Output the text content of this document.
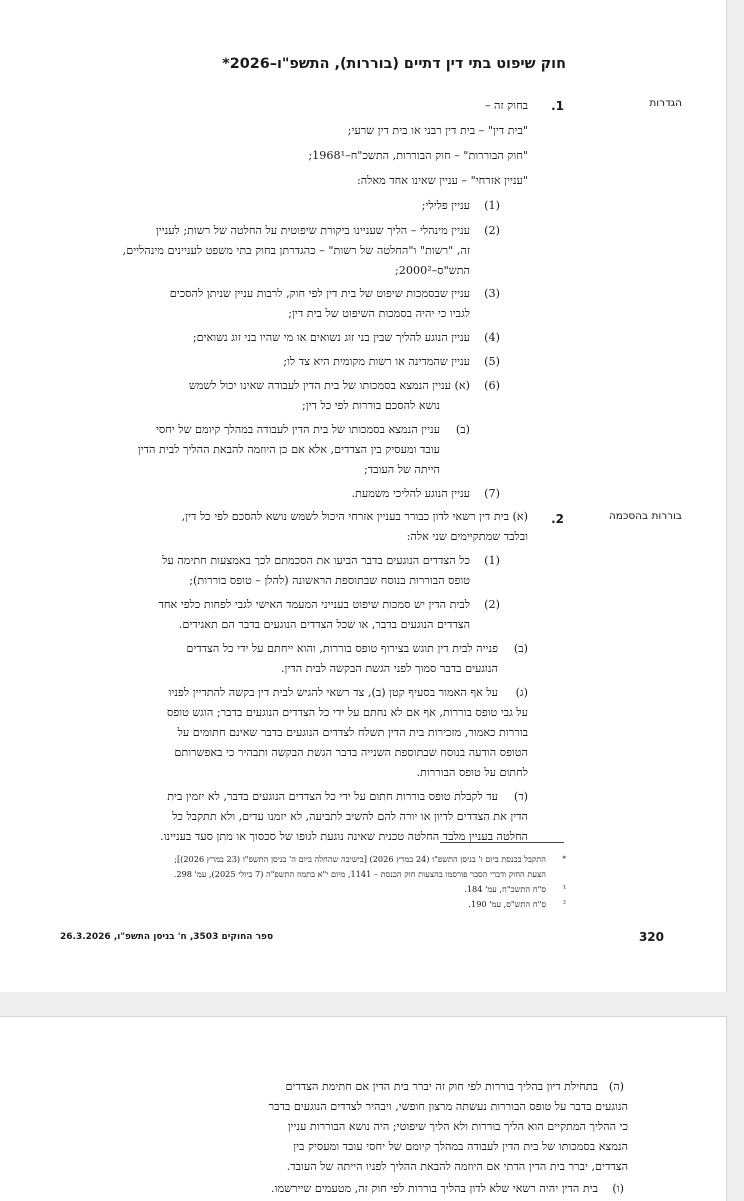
חוק שיפוט בתי דין דתיים (בוררות), התשפ"ו–2026*
הגדרות
1.
בחוק זה –
"בית דין" – בית דין רבני או בית דין שרעי;
"חוק הבוררות" – חוק הבוררות, התשכ"ח–1968¹;
"עניין אזרחי" – עניין שאינו אחד מאלה:
(1)
עניין פלילי;
(2)
עניין מינהלי – הליך שעניינו ביקורת שיפוטית על החלטה של רשות; לעניין
זה, "רשות" ו"החלטה של רשות" – כהגדרתן בחוק בתי משפט לעניינים מינהליים,
התש"ס–2000²;
(3)
עניין שבסמכות שיפוט של בית דין לפי חוק, לרבות עניין שניתן להסכים
לגביו כי יהיה בסמכות השיפוט של בית דין;
(4)
עניין הנוגע להליך שבין בני זוג נשואים או מי שהיו בני זוג נשואים;
(5)
עניין שהמדינה או רשות מקומית היא צד לו;
(6)
(א) עניין הנמצא בסמכותו של בית הדין לעבודה שאינו יכול לשמש
נושא להסכם בוררות לפי כל דין;
(ב)
עניין הנמצא בסמכותו של בית הדין לעבודה במהלך קיומם של יחסי
עובד ומעסיק בין הצדדים, אלא אם כן היוזמה להבאת ההליך לבית הדין
הייתה של העובד;
(7)
עניין הנוגע להליכי משמעת.
בוררות בהסכמה
2.
(א) בית דין רשאי לדון כבורר בעניין אזרחי היכול לשמש נושא להסכם לפי כל דין,
ובלבד שמתקיימים שני אלה:
(1)
כל הצדדים הנוגעים בדבר הביעו את הסכמתם לכך באמצעות חתימה על
טופס הבוררות בנוסח שבתוספת הראשונה (להלן – טופס בוררות);
(2)
לבית הדין יש סמכות שיפוט בענייני המעמד האישי לגבי לפחות כלפי אחד
הצדדים הנוגעים בדבר, או שכל הצדדים הנוגעים בדבר הם תאגידים.
(ב)
פנייה לבית דין תוגש בצירוף טופס בוררות, והוא ייחתם על ידי כל הצדדים
הנוגעים בדבר סמוך לפני הגשת הבקשה לבית הדין.
(ג)
על אף האמור בסעיף קטן (ב), צד רשאי להגיש לבית דין בקשה להתדיין לפניו
על גבי טופס בוררות, אף אם לא נחתם על ידי כל הצדדים הנוגעים בדבר; הוגש טופס
בוררות כאמור, מזכירות בית הדין תשלח לצדדים הנוגעים בדבר שאינם חתומים על
הטופס הודעה בנוסח שבתוספת השנייה בדבר הגשת הבקשה ותבהיר כי באפשרותם
לחתום על טופס הבוררות.
(ד)
עד לקבלת טופס בוררות חתום על ידי כל הצדדים הנוגעים בדבר, לא יזמין בית
הדין את הצדדים לדיון או יורה להם להשיב לתביעה, לא יזמנו עדים, ולא תתקבל כל
החלטה בעניין מלבד החלטה טכנית שאינה נוגעת לגופו של סכסוך או מתן סעד בעניינו.
*
התקבל בכנסת ביום ו' בניסן התשפ"ו (24 במרץ 2026) [בישיבה שהחלה ביום ה' בניסן התשפ"ו (23 במרץ 2026)];
הצעת החוק ודברי הסבר פורסמו בהצעות חוק הכנסת – 1141, מיום י"א בתמוז התשפ"ה (7 ביולי 2025), עמ' 298.
¹
ס"ח התשכ"ח, עמ' 184.
²
ס"ח התש"ס, עמ' 190.
ספר החוקים 3503, ח' בניסן התשפ"ו, 26.3.2026	320
(ה)
בתחילת דיון בהליך בוררות לפי חוק זה יברר בית הדין אם חתימת הצדדים
הנוגעים בדבר על טופס הבוררות נעשתה מרצון חופשי, ויבהיר לצדדים הנוגעים בדבר
כי ההליך המתקיים הוא הליך בוררות ולא הליך שיפוטי; היה נושא הבוררות עניין
הנמצא בסמכותו של בית הדין לעבודה במהלך קיומם של יחסי עובד ומעסיק בין
הצדדים, יברר בית הדין הדתי אם היוזמה להבאת ההליך לפניו הייתה של העובד.
(ו)
בית הדין יהיה רשאי שלא לדון בהליך בוררות לפי חוק זה, מטעמים שיירשמו.
